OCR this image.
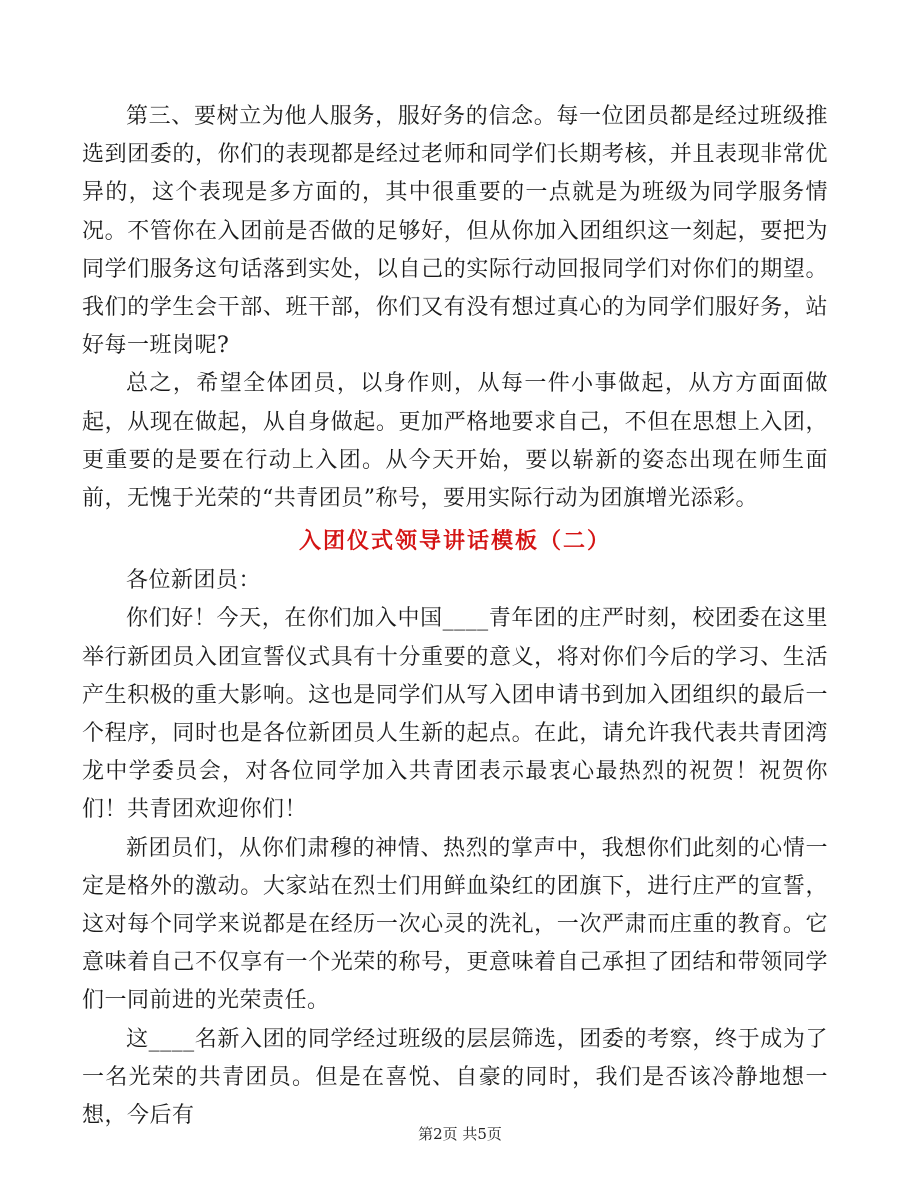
第三、要树立为他人服务，服好务的信念。每一位团员都是经过班级推选到团委的，你们的表现都是经过老师和同学们长期考核，并且表现非常优异的，这个表现是多方面的，其中很重要的一点就是为班级为同学服务情况。不管你在入团前是否做的足够好，但从你加入团组织这一刻起，要把为同学们服务这句话落到实处，以自己的实际行动回报同学们对你们的期望。我们的学生会干部、班干部，你们又有没有想过真心的为同学们服好务，站好每一班岗呢?

总之，希望全体团员，以身作则，从每一件小事做起，从方方面面做起，从现在做起，从自身做起。更加严格地要求自己，不但在思想上入团，更重要的是要在行动上入团。从今天开始，要以崭新的姿态出现在师生面前，无愧于光荣的“共青团员”称号，要用实际行动为团旗增光添彩。

入团仪式领导讲话模板（二）

各位新团员：

你们好！今天，在你们加入中国____青年团的庄严时刻，校团委在这里举行新团员入团宣誓仪式具有十分重要的意义，将对你们今后的学习、生活产生积极的重大影响。这也是同学们从写入团申请书到加入团组织的最后一个程序，同时也是各位新团员人生新的起点。在此，请允许我代表共青团湾龙中学委员会，对各位同学加入共青团表示最衷心最热烈的祝贺！祝贺你们！共青团欢迎你们！

新团员们，从你们肃穆的神情、热烈的掌声中，我想你们此刻的心情一定是格外的激动。大家站在烈士们用鲜血染红的团旗下，进行庄严的宣誓，这对每个同学来说都是在经历一次心灵的洗礼，一次严肃而庄重的教育。它意味着自己不仅享有一个光荣的称号，更意味着自己承担了团结和带领同学们一同前进的光荣责任。

这____名新入团的同学经过班级的层层筛选，团委的考察，终于成为了一名光荣的共青团员。但是在喜悦、自豪的同时，我们是否该冷静地想一想，今后有

第2页 共5页
